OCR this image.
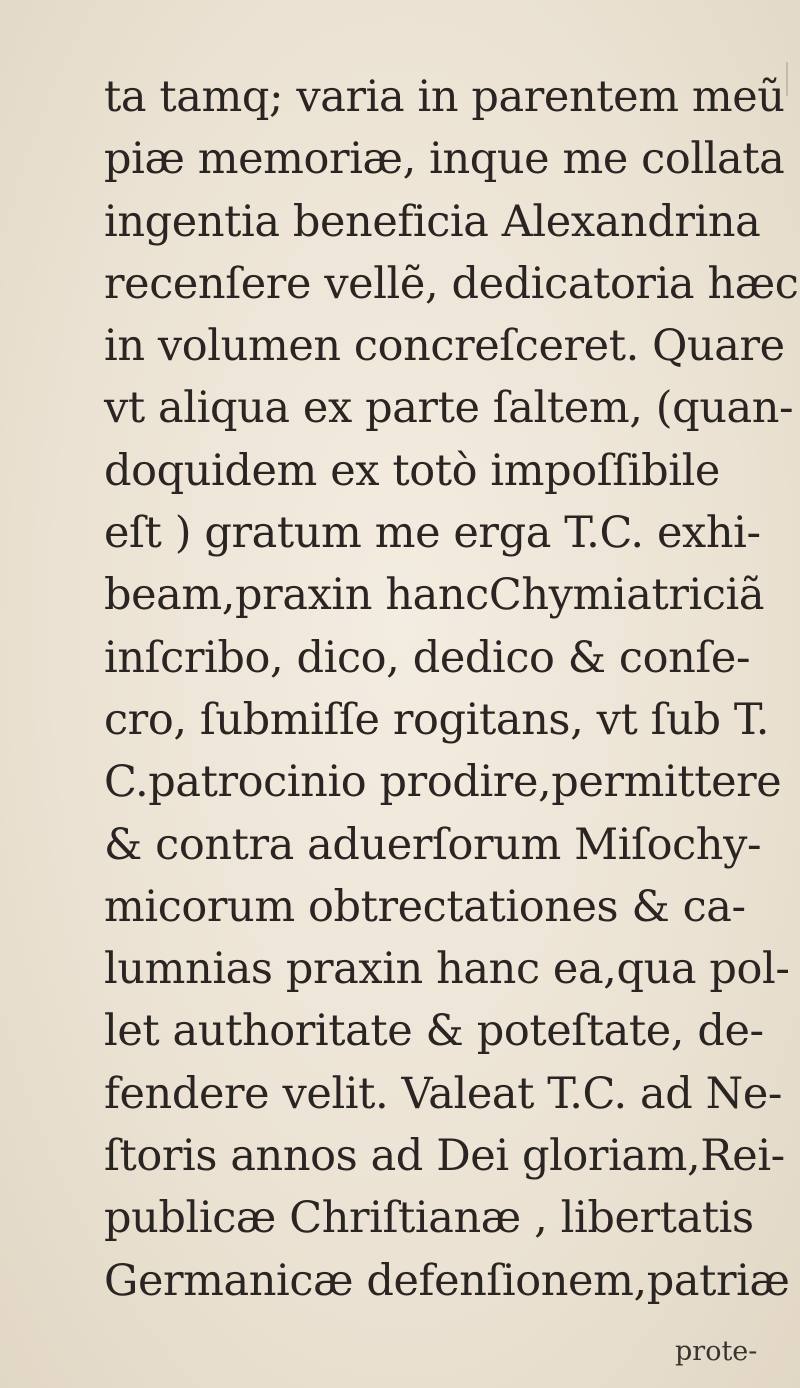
ta tamq; varia in parentem meũ
piæ memoriæ, inque me collata
ingentia beneficia Alexandrina
recenſere vellẽ, dedicatoria hæc
in volumen concreſceret. Quare
vt aliqua ex parte ſaltem, (quan-
doquidem ex totò impoſſibile
eſt ) gratum me erga T.C. exhi-
beam,praxin hancChymiatriciã
inſcribo, dico, dedico & conſe-
cro, ſubmiſſe rogitans, vt ſub T.
C.patrocinio prodire,permittere
& contra aduerſorum Miſochy-
micorum obtrectationes & ca-
lumnias praxin hanc ea,qua pol-
let authoritate & poteſtate, de-
fendere velit. Valeat T.C. ad Ne-
ſtoris annos ad Dei gloriam,Rei-
publicæ Chriſtianæ , libertatis
Germanicæ defenſionem,patriæ
prote-
